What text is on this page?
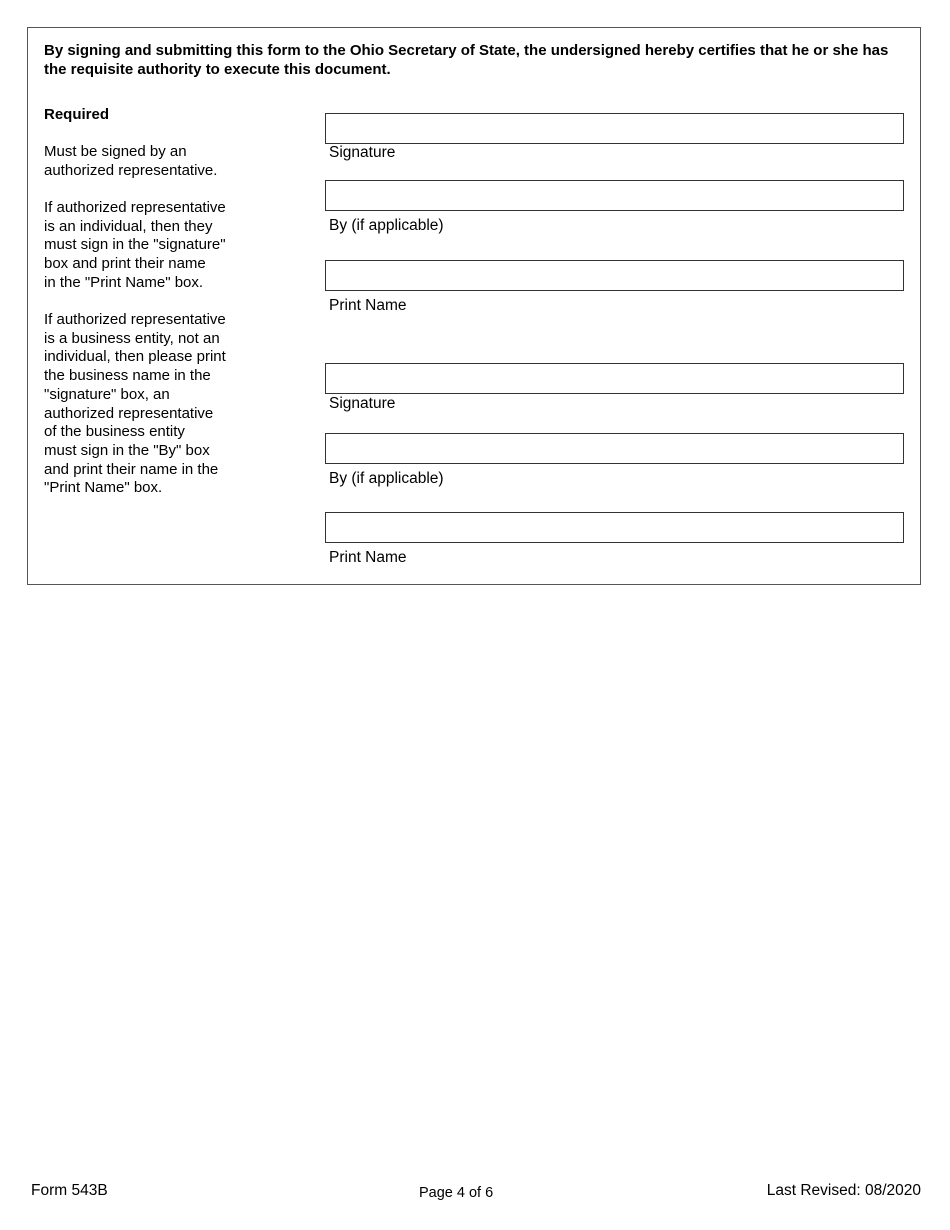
By signing and submitting this form to the Ohio Secretary of State, the undersigned hereby certifies that he or she has the requisite authority to execute this document.
Required
Must be signed by an
authorized representative.
If authorized representative
is an individual, then they
must sign in the "signature"
box and print their name
in the "Print Name" box.
If authorized representative
is a business entity, not an
individual, then please print
the business name in the
"signature" box, an
authorized representative
of the business entity
must sign in the "By" box
and print their name in the
"Print Name" box.
Signature
By (if applicable)
Print Name
Signature
By (if applicable)
Print Name
Form 543B	Page 4 of 6	Last Revised: 08/2020
